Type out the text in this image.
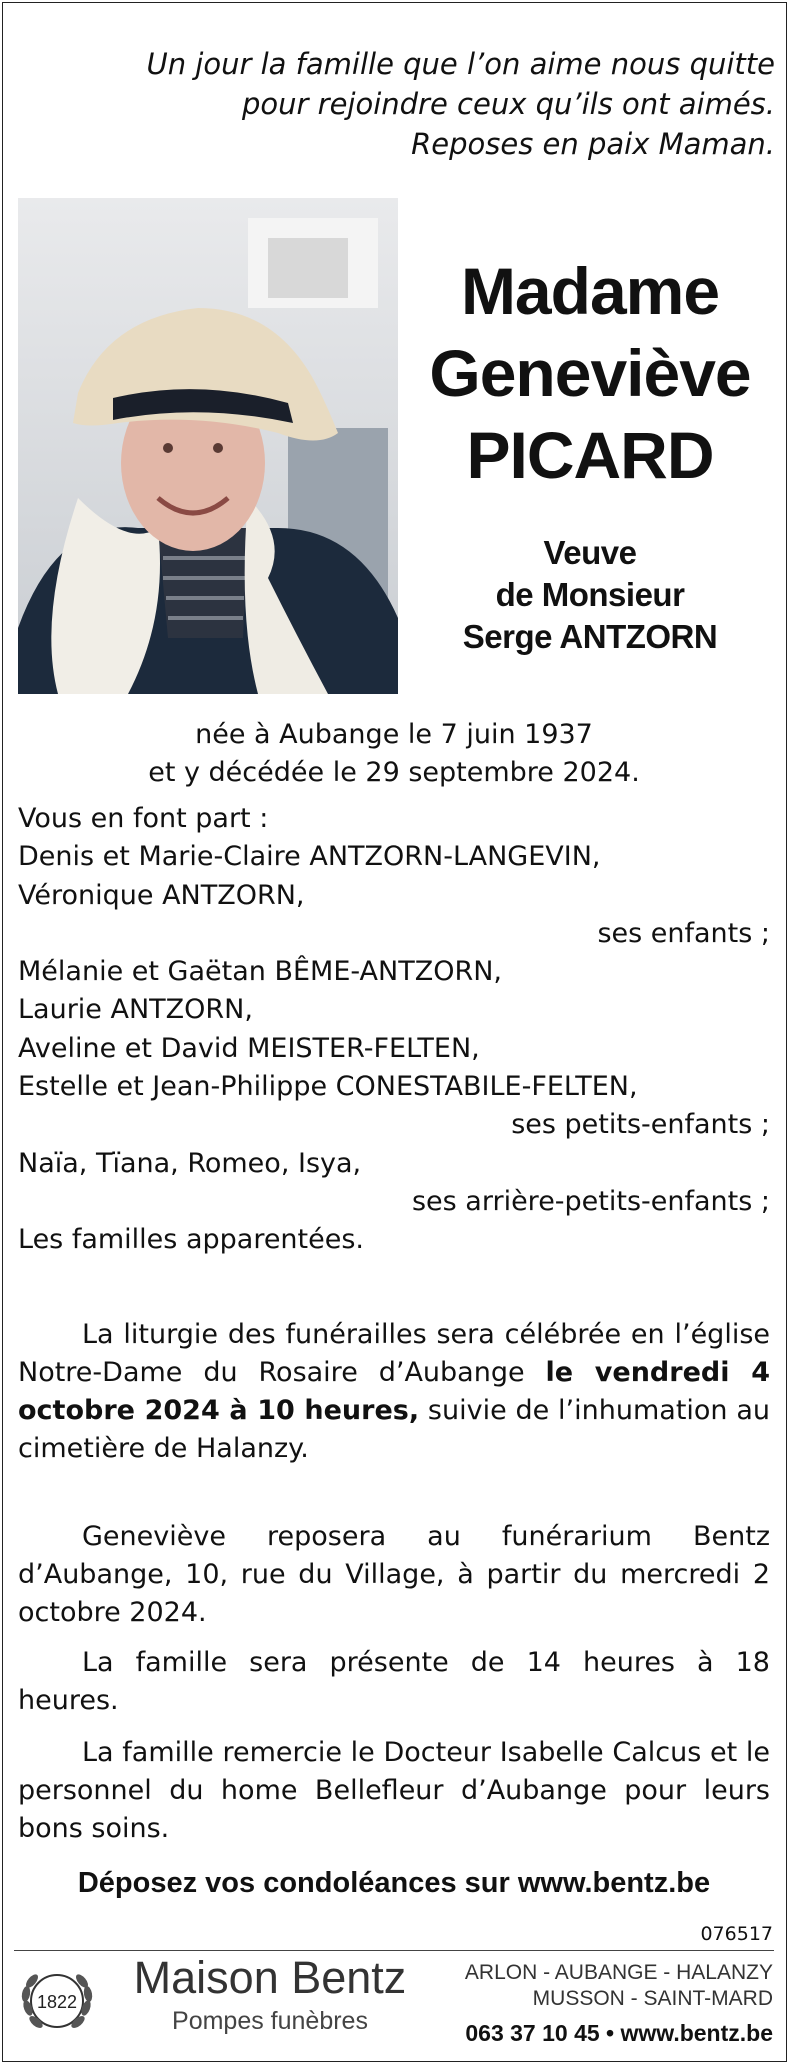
Un jour la famille que l’on aime nous quitte
pour rejoindre ceux qu’ils ont aimés.
Reposes en paix Maman.
Madame
Geneviève
PICARD
Veuve
de Monsieur
Serge ANTZORN
née à Aubange le 7 juin 1937
et y décédée le 29 septembre 2024.
Vous en font part :
Denis et Marie-Claire ANTZORN-LANGEVIN,
Véronique ANTZORN,
ses enfants ;
Mélanie et Gaëtan BÊME-ANTZORN,
Laurie ANTZORN,
Aveline et David MEISTER-FELTEN,
Estelle et Jean-Philippe CONESTABILE-FELTEN,
ses petits-enfants ;
Naïa, Tïana, Romeo, Isya,
ses arrière-petits-enfants ;
Les familles apparentées.
La liturgie des funérailles sera célébrée en l’église Notre-Dame du Rosaire d’Aubange le vendredi 4 octobre 2024 à 10 heures, suivie de l’inhumation au cimetière de Halanzy.
Geneviève reposera au funérarium Bentz d’Aubange, 10, rue du Village, à partir du mercredi 2 octobre 2024.
La famille sera présente de 14 heures à 18 heures.
La famille remercie le Docteur Isabelle Calcus et le personnel du home Bellefleur d’Aubange pour leurs bons soins.
Déposez vos condoléances sur www.bentz.be
076517
1822	Maison Bentz
Pompes funèbres
ARLON - AUBANGE - HALANZY
MUSSON - SAINT-MARD
063 37 10 45 • www.bentz.be
